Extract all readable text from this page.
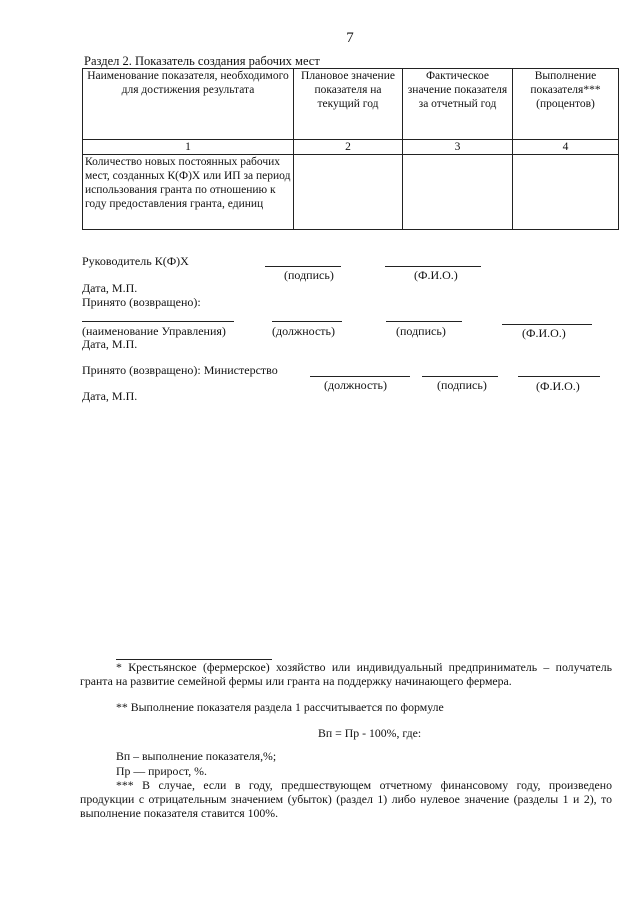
7
Раздел 2. Показатель создания рабочих мест
Наименование показателя, необходимого для достижения результата	Плановое значение показателя на текущий год	Фактическое значение показателя за отчетный год	Выполнение показателя*** (процентов)
1	2	3	4
Количество новых постоянных рабочих мест, созданных К(Ф)Х или ИП за период использования гранта по отношению к году предоставления гранта, единиц			
Руководитель К(Ф)Х
(подпись)	(Ф.И.О.)
Дата, М.П.
Принято (возвращено):
(наименование Управления)	(должность)	(подпись)	(Ф.И.О.)
Дата, М.П.
Принято (возвращено): Министерство
(должность)	(подпись)	(Ф.И.О.)
Дата, М.П.
* Крестьянское (фермерское) хозяйство или индивидуальный предприниматель – получатель гранта на развитие семейной фермы или гранта на поддержку начинающего фермера.
** Выполнение показателя раздела 1 рассчитывается по формуле
Вп = Пр - 100%, где:
Вп – выполнение показателя,%;
Пр — прирост, %.
*** В случае, если в году, предшествующем отчетному финансовому году, произведено продукции с отрицательным значением (убыток) (раздел 1) либо нулевое значение (разделы 1 и 2), то выполнение показателя ставится 100%.
